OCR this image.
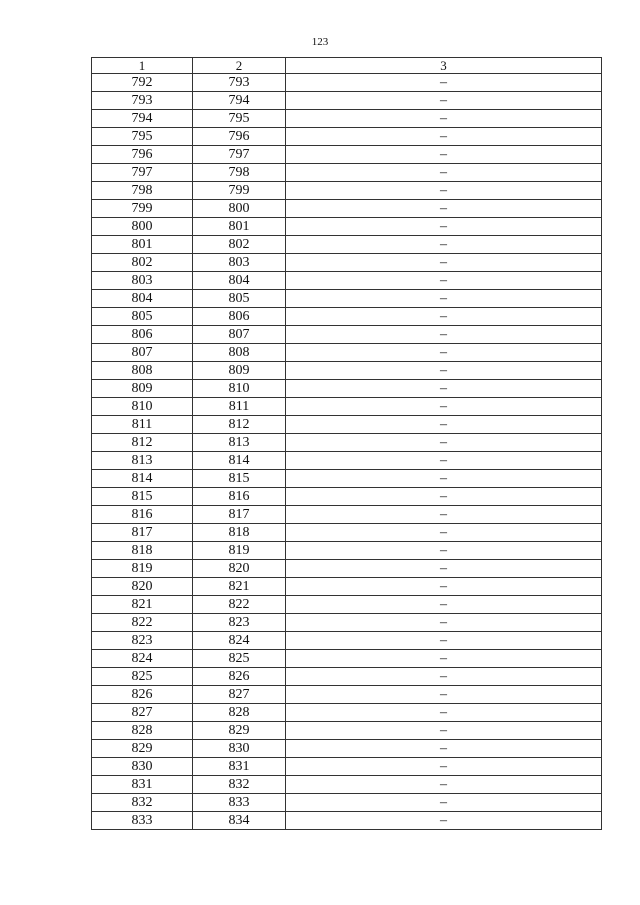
123
1	2	3
792	793	–
793	794	–
794	795	–
795	796	–
796	797	–
797	798	–
798	799	–
799	800	–
800	801	–
801	802	–
802	803	–
803	804	–
804	805	–
805	806	–
806	807	–
807	808	–
808	809	–
809	810	–
810	811	–
811	812	–
812	813	–
813	814	–
814	815	–
815	816	–
816	817	–
817	818	–
818	819	–
819	820	–
820	821	–
821	822	–
822	823	–
823	824	–
824	825	–
825	826	–
826	827	–
827	828	–
828	829	–
829	830	–
830	831	–
831	832	–
832	833	–
833	834	–
